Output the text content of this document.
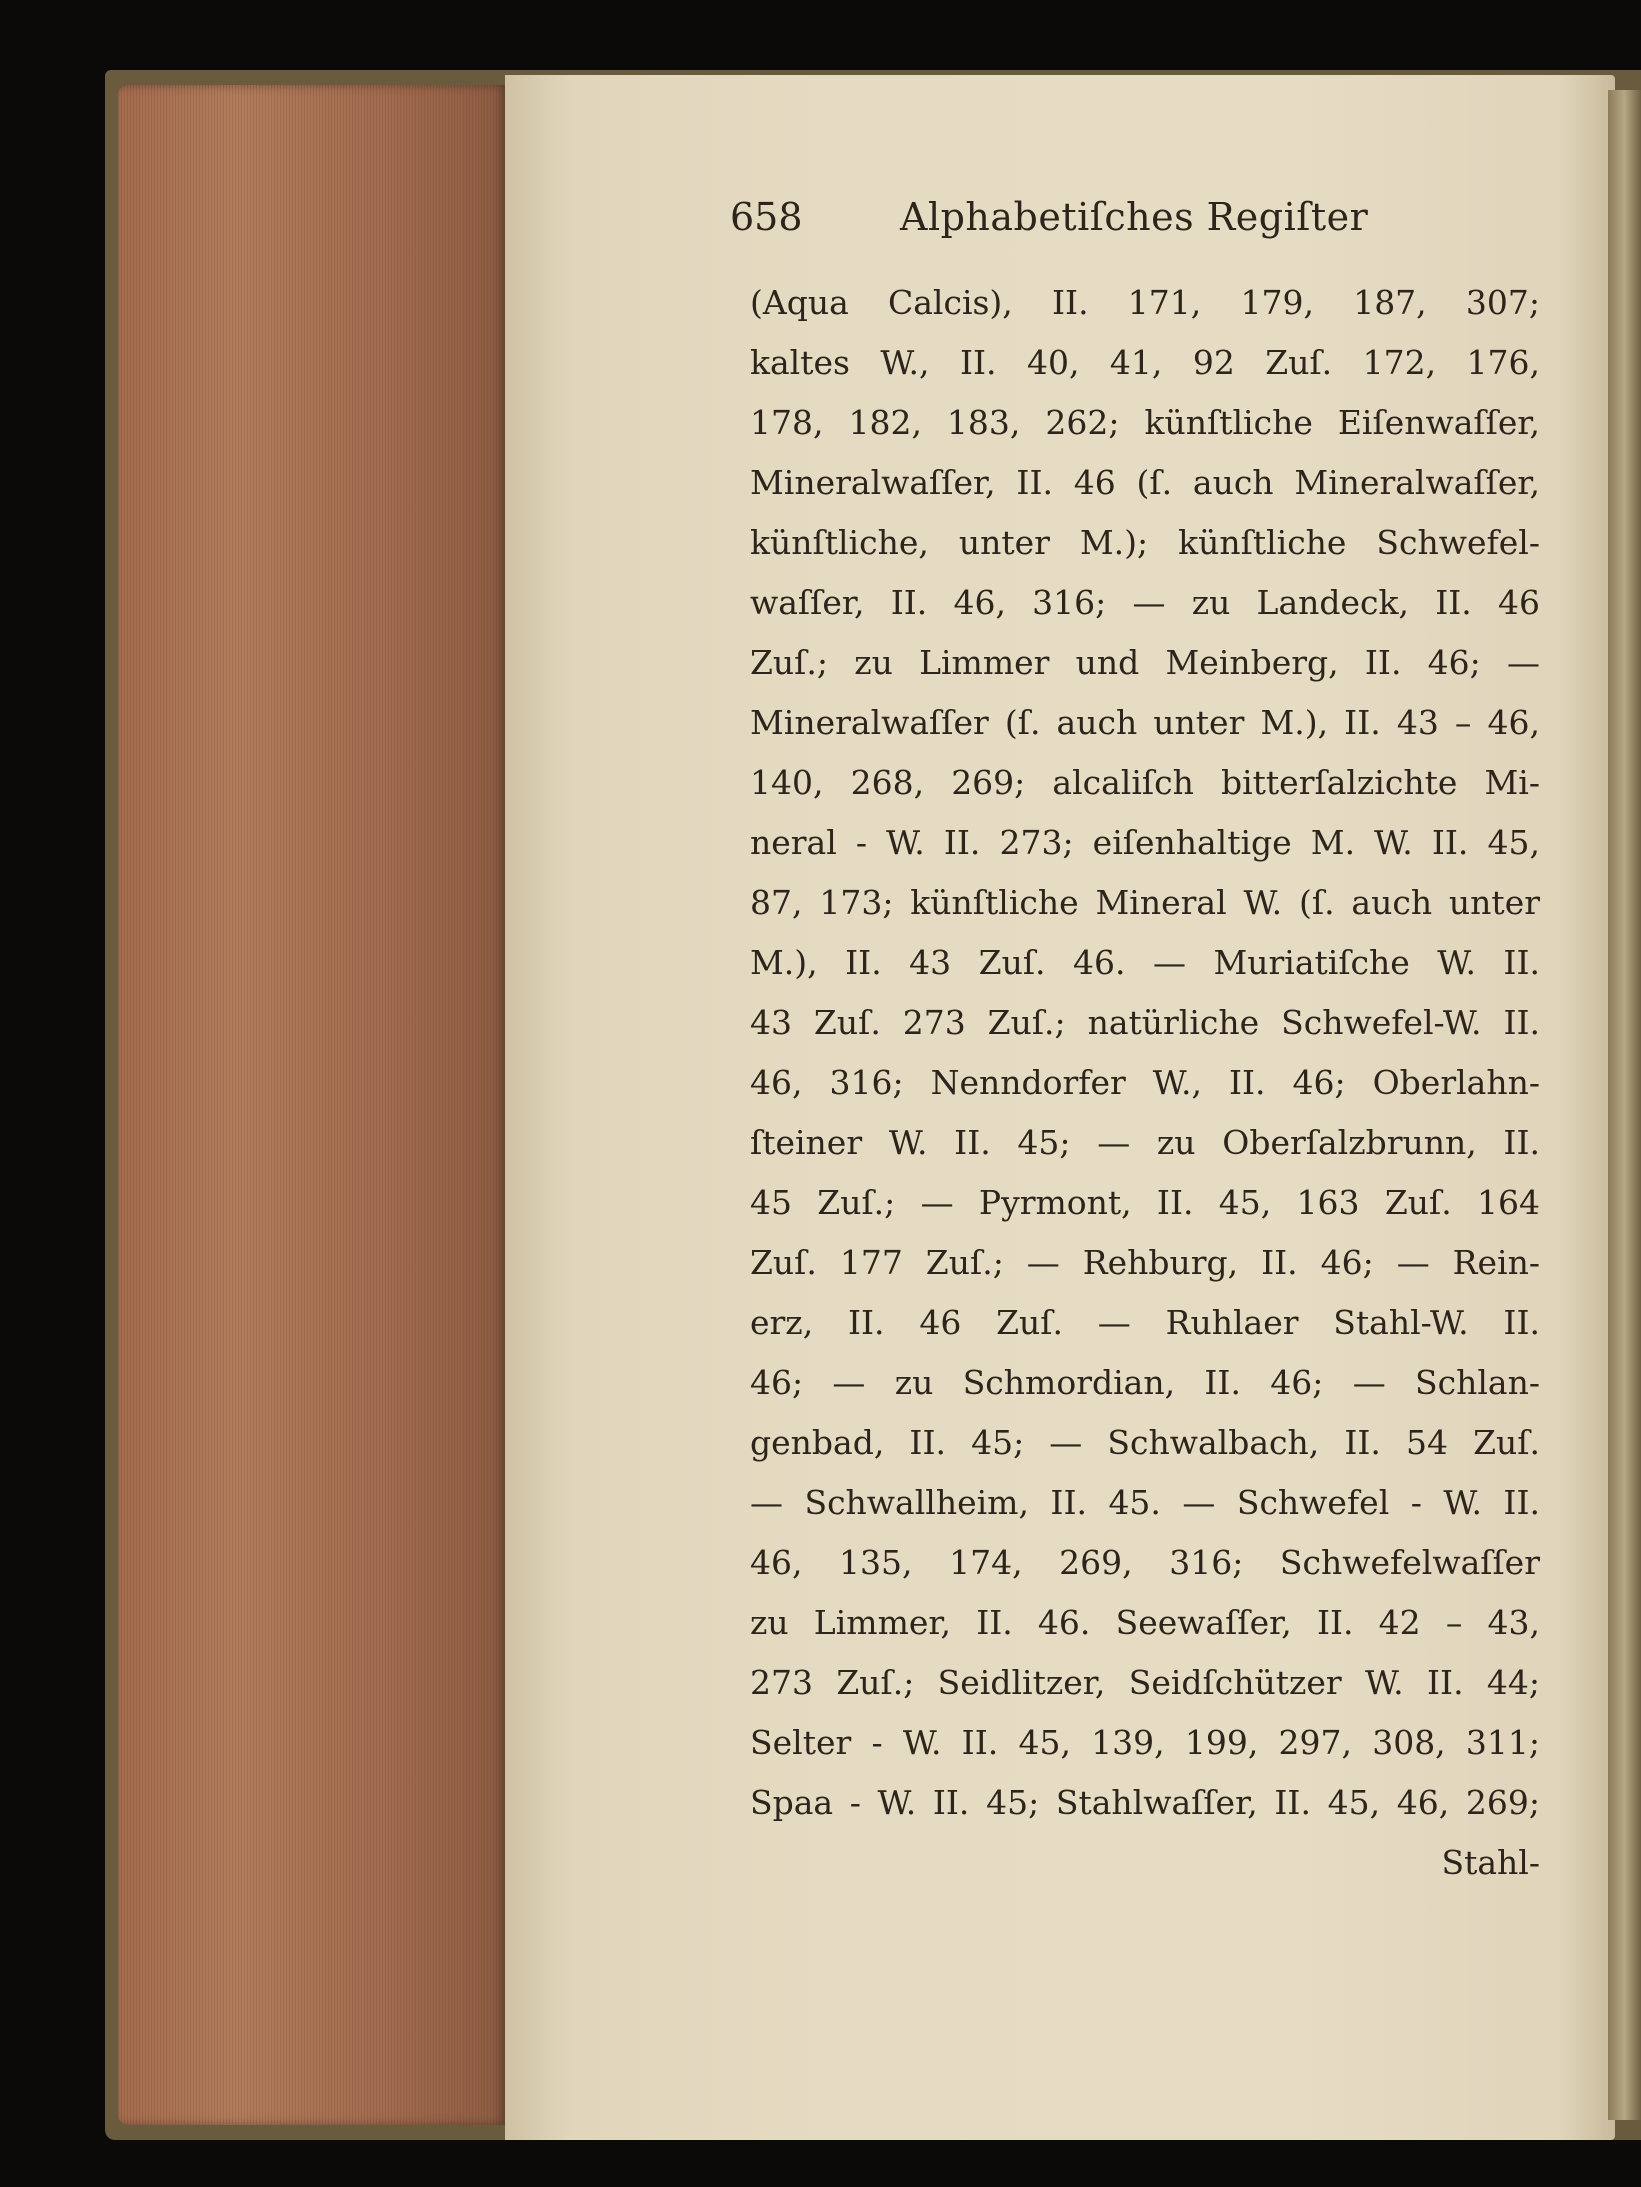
658	Alphabetiſches Regiſter
(Aqua Calcis), II. 171, 179, 187, 307;
kaltes W., II. 40, 41, 92 Zuſ. 172, 176,
178, 182, 183, 262; künſtliche Eiſenwaſſer,
Mineralwaſſer, II. 46 (ſ. auch Mineralwaſſer,
künſtliche, unter M.); künſtliche Schwefel-
waſſer, II. 46, 316; — zu Landeck, II. 46
Zuſ.; zu Limmer und Meinberg, II. 46; —
Mineralwaſſer (ſ. auch unter M.), II. 43 – 46,
140, 268, 269; alcaliſch bitterſalzichte Mi-
neral - W. II. 273; eiſenhaltige M. W. II. 45,
87, 173; künſtliche Mineral W. (ſ. auch unter
M.), II. 43 Zuſ. 46. — Muriatiſche W. II.
43 Zuſ. 273 Zuſ.; natürliche Schwefel-W. II.
46, 316; Nenndorfer W., II. 46; Oberlahn-
ſteiner W. II. 45; — zu Oberſalzbrunn, II.
45 Zuſ.; — Pyrmont, II. 45, 163 Zuſ. 164
Zuſ. 177 Zuſ.; — Rehburg, II. 46; — Rein-
erz, II. 46 Zuſ. — Ruhlaer Stahl-W. II.
46; — zu Schmordian, II. 46; — Schlan-
genbad, II. 45; — Schwalbach, II. 54 Zuſ.
— Schwallheim, II. 45. — Schwefel - W. II.
46, 135, 174, 269, 316; Schwefelwaſſer
zu Limmer, II. 46. Seewaſſer, II. 42 – 43,
273 Zuſ.; Seidlitzer, Seidſchützer W. II. 44;
Selter - W. II. 45, 139, 199, 297, 308, 311;
Spaa - W. II. 45; Stahlwaſſer, II. 45, 46, 269;
Stahl-
